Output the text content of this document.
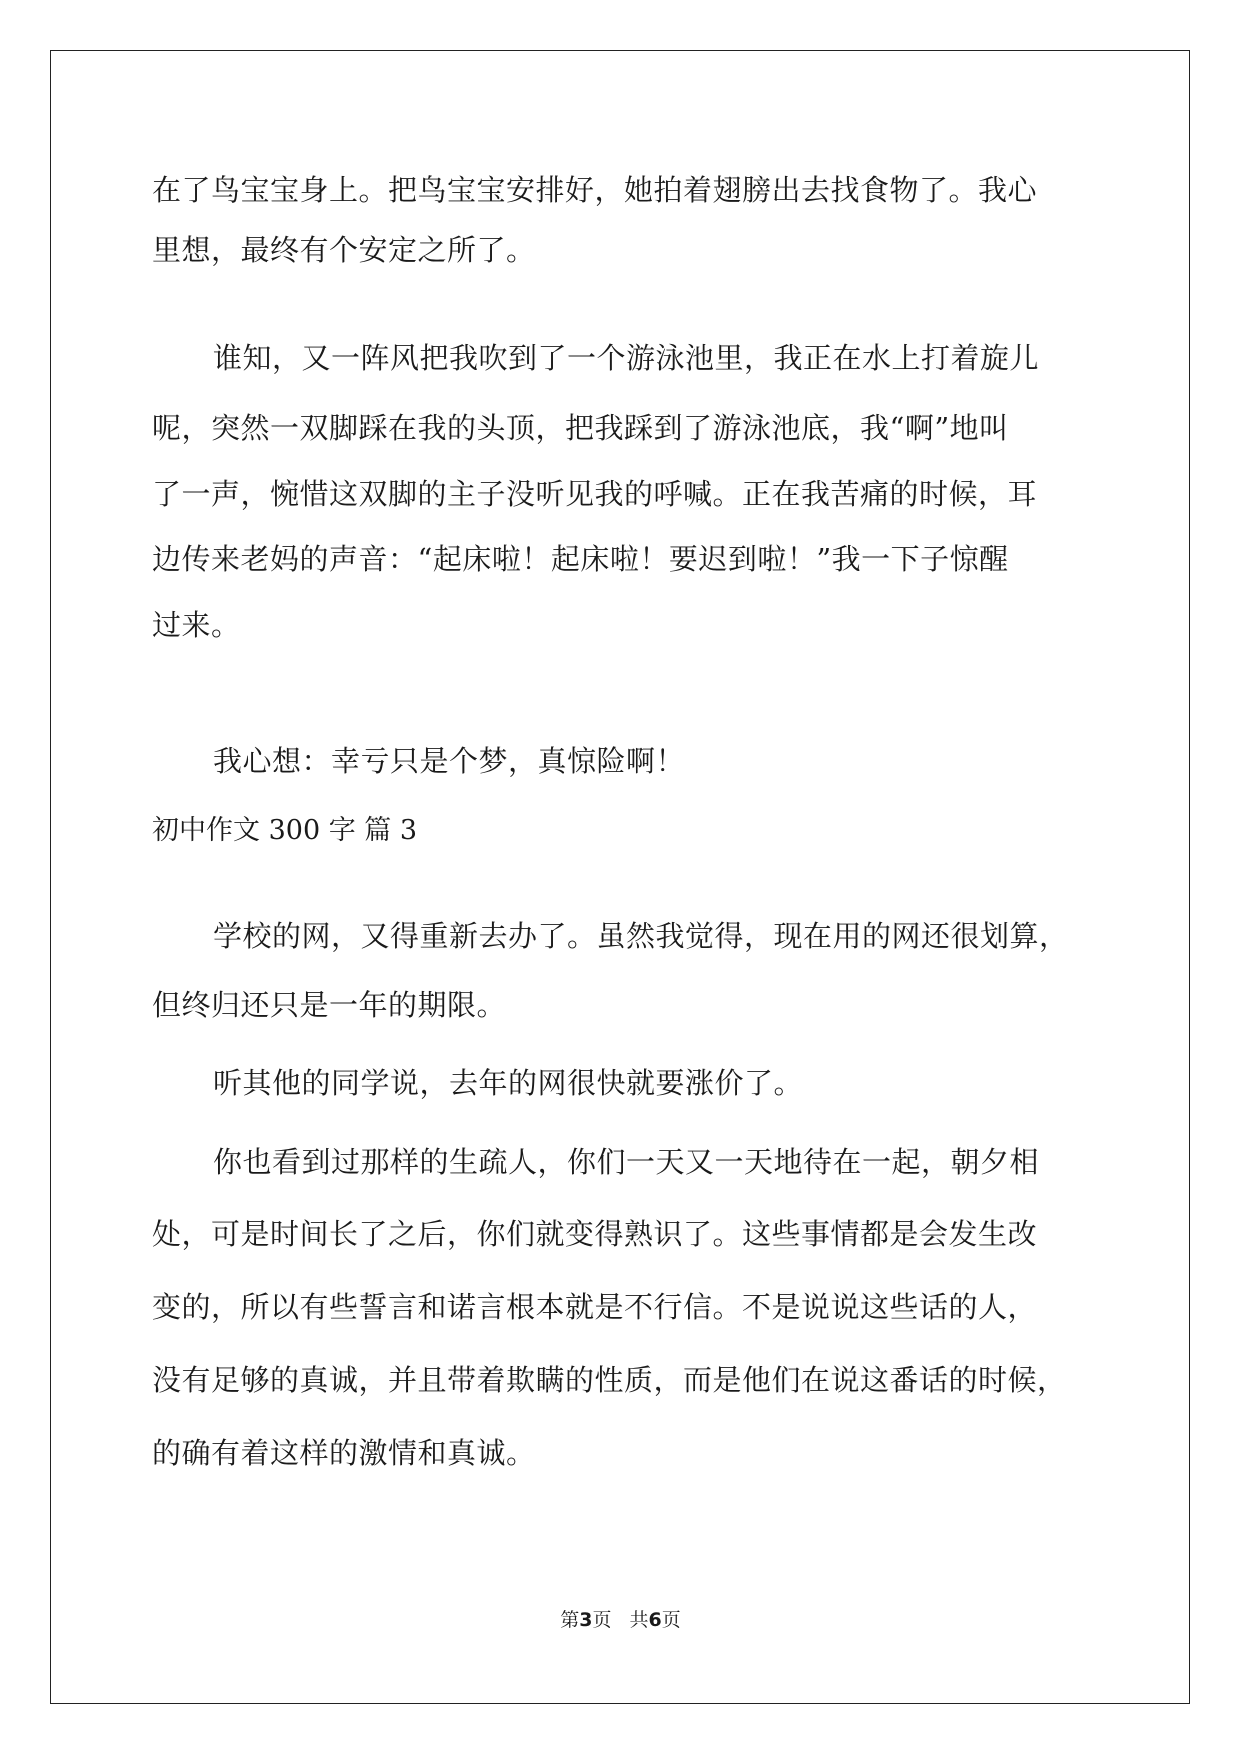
在了鸟宝宝身上。把鸟宝宝安排好，她拍着翅膀出去找食物了。我心
里想，最终有个安定之所了。
谁知，又一阵风把我吹到了一个游泳池里，我正在水上打着旋儿
呢，突然一双脚踩在我的头顶，把我踩到了游泳池底，我“啊”地叫
了一声，惋惜这双脚的主子没听见我的呼喊。正在我苦痛的时候，耳
边传来老妈的声音：“起床啦！起床啦！要迟到啦！”我一下子惊醒
过来。
我心想：幸亏只是个梦，真惊险啊！
初中作文 300 字 篇 3
学校的网，又得重新去办了。虽然我觉得，现在用的网还很划算，
但终归还只是一年的期限。
听其他的同学说，去年的网很快就要涨价了。
你也看到过那样的生疏人，你们一天又一天地待在一起，朝夕相
处，可是时间长了之后，你们就变得熟识了。这些事情都是会发生改
变的，所以有些誓言和诺言根本就是不行信。不是说说这些话的人，
没有足够的真诚，并且带着欺瞒的性质，而是他们在说这番话的时候，
的确有着这样的激情和真诚。
第3页 共6页
